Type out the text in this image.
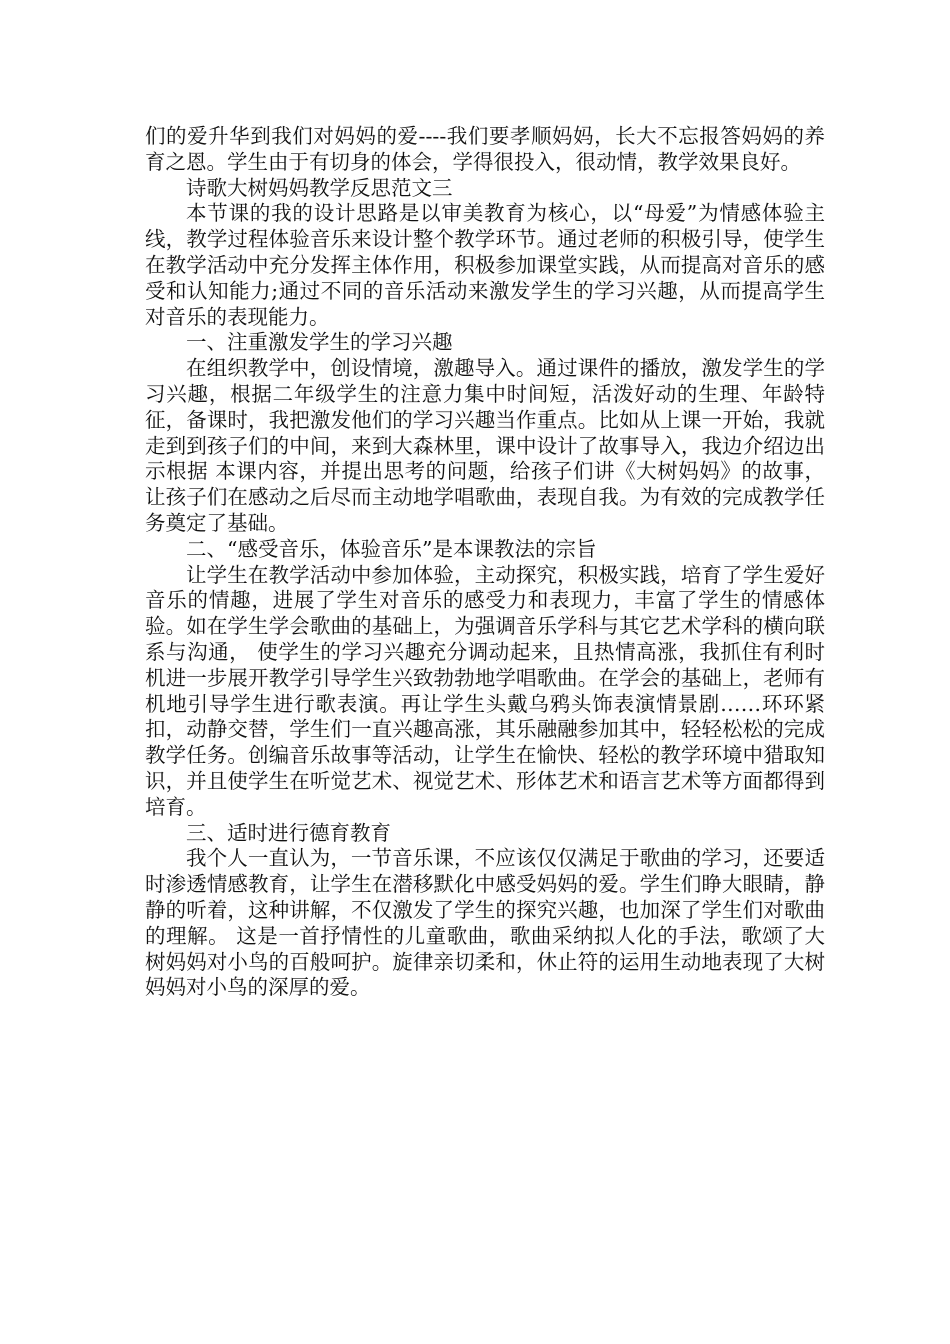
们的爱升华到我们对妈妈的爱----我们要孝顺妈妈，长大不忘报答妈妈的养育之恩。学生由于有切身的体会，学得很投入，很动情，教学效果良好。

诗歌大树妈妈教学反思范文三

本节课的我的设计思路是以审美教育为核心，以“母爱”为情感体验主线，教学过程体验音乐来设计整个教学环节。通过老师的积极引导，使学生在教学活动中充分发挥主体作用，积极参加课堂实践，从而提高对音乐的感受和认知能力;通过不同的音乐活动来激发学生的学习兴趣，从而提高学生对音乐的表现能力。

一、注重激发学生的学习兴趣

在组织教学中，创设情境，激趣导入。通过课件的播放，激发学生的学习兴趣，根据二年级学生的注意力集中时间短，活泼好动的生理、年龄特征，备课时，我把激发他们的学习兴趣当作重点。比如从上课一开始，我就走到到孩子们的中间，来到大森林里，课中设计了故事导入，我边介绍边出示根据 本课内容，并提出思考的问题，给孩子们讲《大树妈妈》的故事，让孩子们在感动之后尽而主动地学唱歌曲，表现自我。为有效的完成教学任务奠定了基础。

二、“感受音乐，体验音乐”是本课教法的宗旨

让学生在教学活动中参加体验，主动探究，积极实践，培育了学生爱好音乐的情趣，进展了学生对音乐的感受力和表现力，丰富了学生的情感体验。如在学生学会歌曲的基础上，为强调音乐学科与其它艺术学科的横向联系与沟通， 使学生的学习兴趣充分调动起来，且热情高涨，我抓住有利时机进一步展开教学引导学生兴致勃勃地学唱歌曲。在学会的基础上，老师有机地引导学生进行歌表演。再让学生头戴乌鸦头饰表演情景剧……环环紧扣，动静交替，学生们一直兴趣高涨，其乐融融参加其中，轻轻松松的完成教学任务。创编音乐故事等活动，让学生在愉快、轻松的教学环境中猎取知识，并且使学生在听觉艺术、视觉艺术、形体艺术和语言艺术等方面都得到培育。

三、适时进行德育教育

我个人一直认为，一节音乐课，不应该仅仅满足于歌曲的学习，还要适时渗透情感教育，让学生在潜移默化中感受妈妈的爱。学生们睁大眼睛，静静的听着，这种讲解，不仅激发了学生的探究兴趣，也加深了学生们对歌曲的理解。 这是一首抒情性的儿童歌曲，歌曲采纳拟人化的手法，歌颂了大树妈妈对小鸟的百般呵护。旋律亲切柔和，休止符的运用生动地表现了大树妈妈对小鸟的深厚的爱。
